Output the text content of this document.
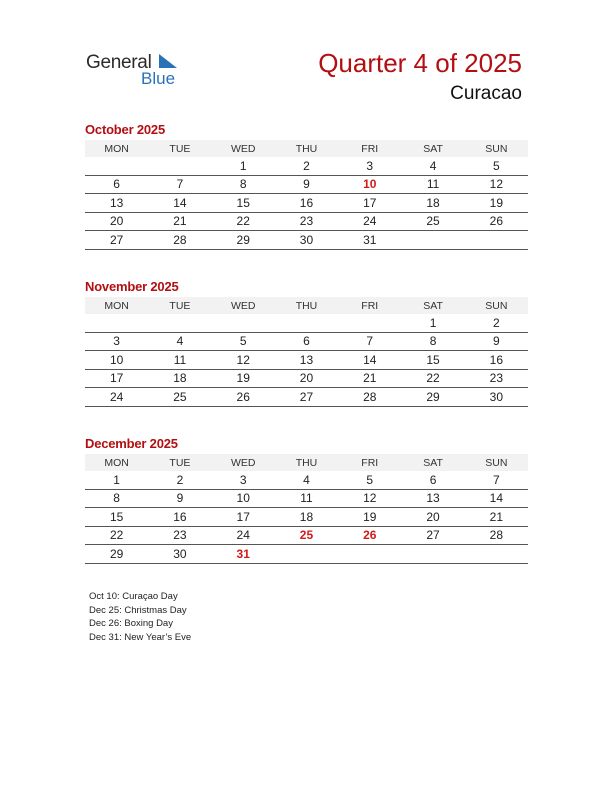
General
Blue
Quarter 4 of 2025
Curacao
October 2025
MON	TUE	WED	THU	FRI	SAT	SUN
		1	2	3	4	5
6	7	8	9	10	11	12
13	14	15	16	17	18	19
20	21	22	23	24	25	26
27	28	29	30	31		
November 2025
MON	TUE	WED	THU	FRI	SAT	SUN
					1	2
3	4	5	6	7	8	9
10	11	12	13	14	15	16
17	18	19	20	21	22	23
24	25	26	27	28	29	30
December 2025
MON	TUE	WED	THU	FRI	SAT	SUN
1	2	3	4	5	6	7
8	9	10	11	12	13	14
15	16	17	18	19	20	21
22	23	24	25	26	27	28
29	30	31				
Oct 10: Curaçao Day
Dec 25: Christmas Day
Dec 26: Boxing Day
Dec 31: New Year’s Eve
